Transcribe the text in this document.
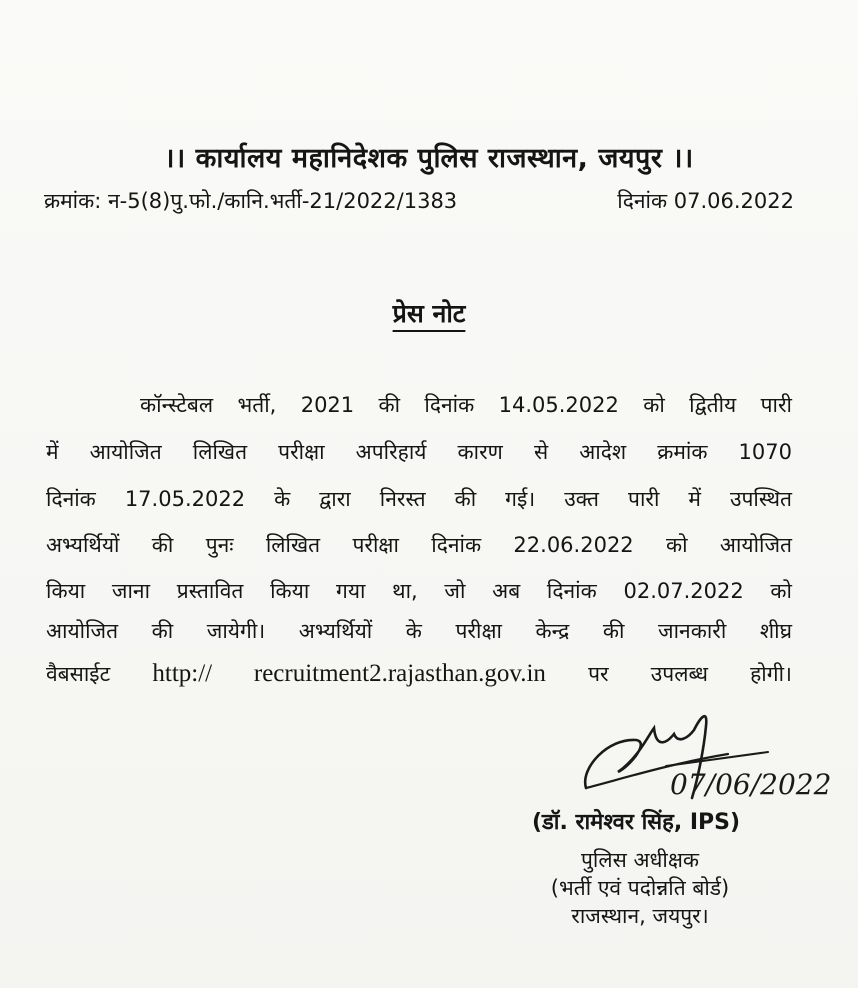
।। कार्यालय महानिदेशक पुलिस राजस्थान, जयपुर ।।
क्रमांक: न-5(8)पु.फो./कानि.भर्ती-21/2022/1383	दिनांक 07.06.2022
प्रेस नोट
कॉन्स्टेबल भर्ती, 2021 की दिनांक 14.05.2022 को द्वितीय पारी
में आयोजित लिखित परीक्षा अपरिहार्य कारण से आदेश क्रमांक 1070
दिनांक 17.05.2022 के द्वारा निरस्त की गई। उक्त पारी में उपस्थित
अभ्यर्थियों की पुनः लिखित परीक्षा दिनांक 22.06.2022 को आयोजित
किया जाना प्रस्तावित किया गया था, जो अब दिनांक 02.07.2022 को
आयोजित की जायेगी। अभ्यर्थियों के परीक्षा केन्द्र की जानकारी शीघ्र
वैबसाईट http:// recruitment2.rajasthan.gov.in पर उपलब्ध होगी।
07/06/2022
(डॉ. रामेश्वर सिंह, IPS)
पुलिस अधीक्षक
(भर्ती एवं पदोन्नति बोर्ड)
राजस्थान, जयपुर।
